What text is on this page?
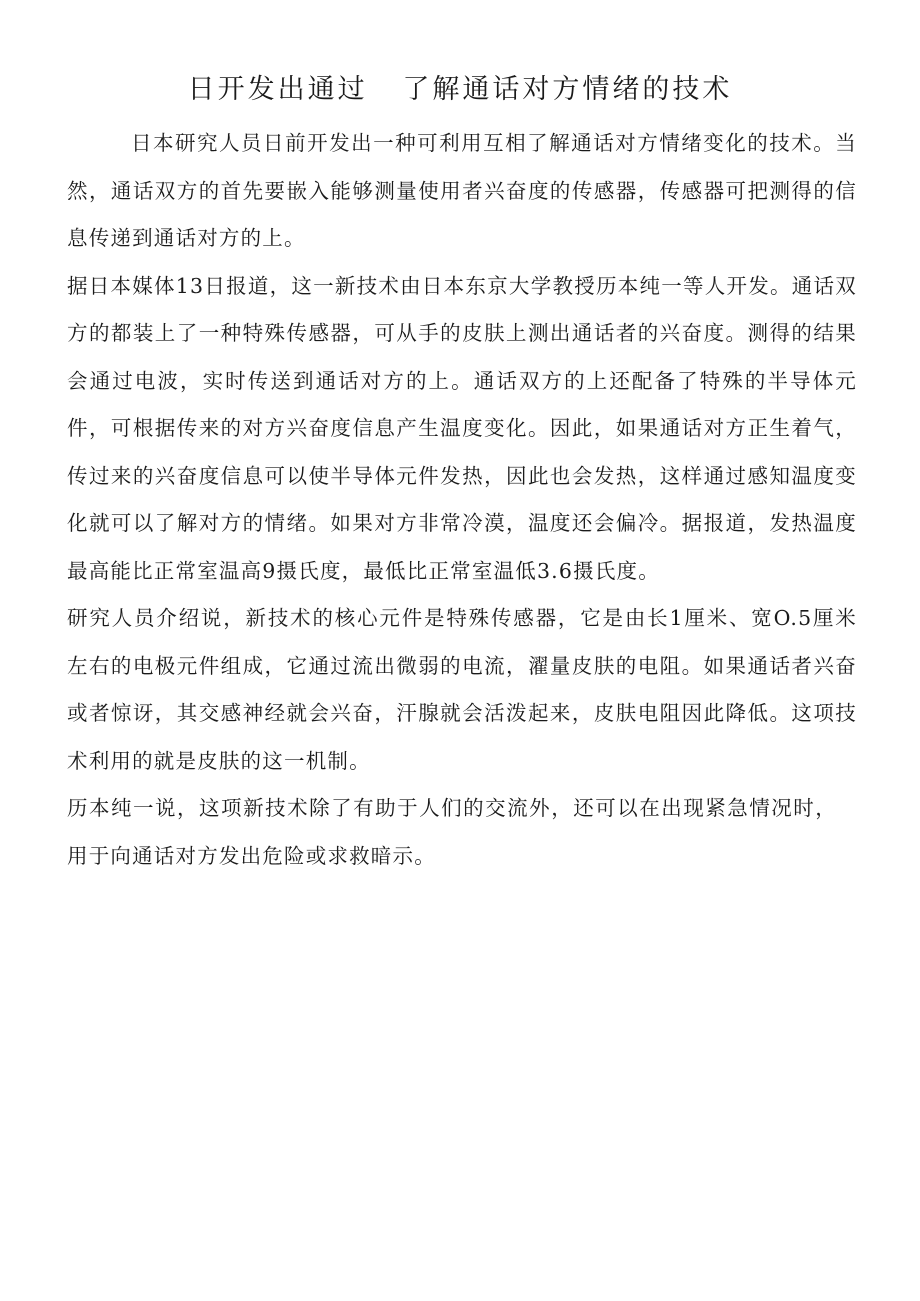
日开发出通过   了解通话对方情绪的技术

日本研究人员日前开发出一种可利用互相了解通话对方情绪变化的技术。当然，通话双方的首先要嵌入能够测量使用者兴奋度的传感器，传感器可把测得的信息传递到通话对方的上。

据日本媒体13日报道，这一新技术由日本东京大学教授历本纯一等人开发。通话双方的都装上了一种特殊传感器，可从手的皮肤上测出通话者的兴奋度。测得的结果会通过电波，实时传送到通话对方的上。通话双方的上还配备了特殊的半导体元件，可根据传来的对方兴奋度信息产生温度变化。因此，如果通话对方正生着气，传过来的兴奋度信息可以使半导体元件发热，因此也会发热，这样通过感知温度变化就可以了解对方的情绪。如果对方非常冷漠，温度还会偏冷。据报道，发热温度最高能比正常室温高9摄氏度，最低比正常室温低3.6摄氏度。

研究人员介绍说，新技术的核心元件是特殊传感器，它是由长1厘米、宽O.5厘米左右的电极元件组成，它通过流出微弱的电流，濯量皮肤的电阻。如果通话者兴奋或者惊讶，其交感神经就会兴奋，汗腺就会活泼起来，皮肤电阻因此降低。这项技术利用的就是皮肤的这一机制。

历本纯一说，这项新技术除了有助于人们的交流外，还可以在出现紧急情况时，用于向通话对方发出危险或求救暗示。
